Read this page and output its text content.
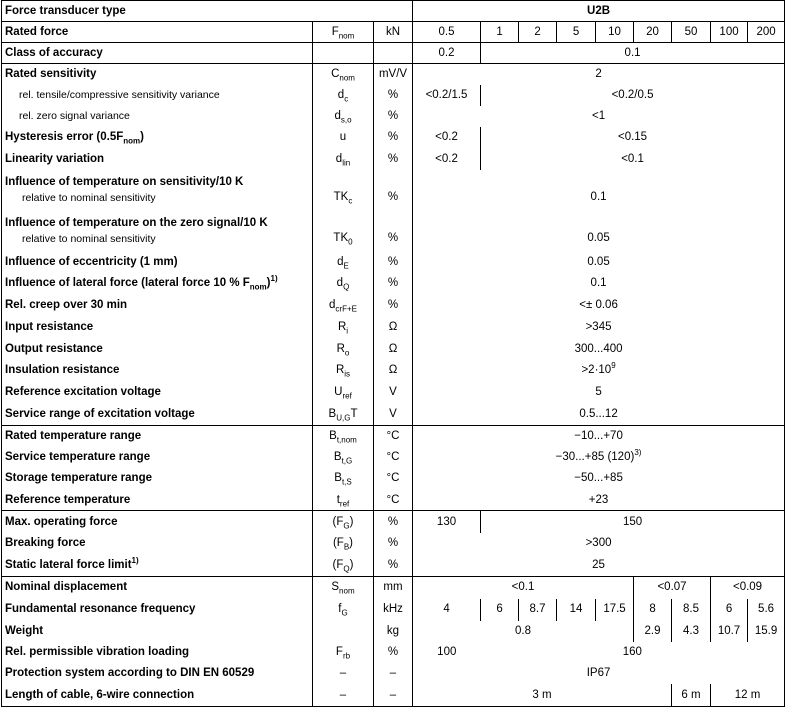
Force transducer type			U2B								
Rated force	$F_{nom}$	kN	0.5	1	2	5	10	20	50	100	200
Class of accuracy			0.2	0.1							
Rated sensitivity	$C_{nom}$	mV/V	2								
rel. tensile/compressive sensitivity variance	$d_c$	%	<0.2/1.5	<0.2/0.5							
rel. zero signal variance	$d_{s,o}$	%	<1								
Hysteresis error $(0.5F_{nom})$	u	%	<0.2	<0.15							
Linearity variation	$d_{lin}$	%	<0.2	<0.1							

Influence of temperature on sensitivity/10 K
relative to nominal sensitivity	$TK_c$	%	0.1								

Influence of temperature on the zero signal/10 K
relative to nominal sensitivity	$TK_0$	%	0.05								
Influence of eccentricity (1 mm)	$d_E$	%	0.05								
Influence of lateral force (lateral force 10 % $F_{nom})^{1)}$	$d_Q$	%	0.1								
Rel. creep over 30 min	$d_{crF+E}$	%	<± 0.06								
Input resistance	$R_i$	Ω	>345								
Output resistance	$R_o$	Ω	300...400								
Insulation resistance	$R_{is}$	Ω	$>2\cdot 10^9$
Reference excitation voltage	$U_{ref}$	V	5								
Service range of excitation voltage	$B_{U,G}T$	V	0.5...12								
Rated temperature range	$B_{t,nom}$	°C	−10...+70								
Service temperature range	$B_{t,G}$	°C	−30...+85 $(120)^{3)}$
Storage temperature range	$B_{t,S}$	°C	−50...+85								
Reference temperature	$t_{ref}$	°C	+23								
Max. operating force	$(F_G)$	%	130	150							
Breaking force	$(F_B)$	%	>300								
Static lateral force limit$^{1)}$	$(F_Q)$	%	25								
Nominal displacement	$S_{nom}$	mm	<0.1					<0.07		<0.09	
Fundamental resonance frequency	$f_G$	kHz	4	6	8.7	14	17.5	8	8.5	6	5.6
Weight		kg	0.8					2.9	4.3	10.7	15.9
Rel. permissible vibration loading	$F_{rb}$	%	100	160							
Protection system according to DIN EN 60529	–	–	IP67								
Length of cable, 6-wire connection	–	–	3 m						6 m	12 m	
